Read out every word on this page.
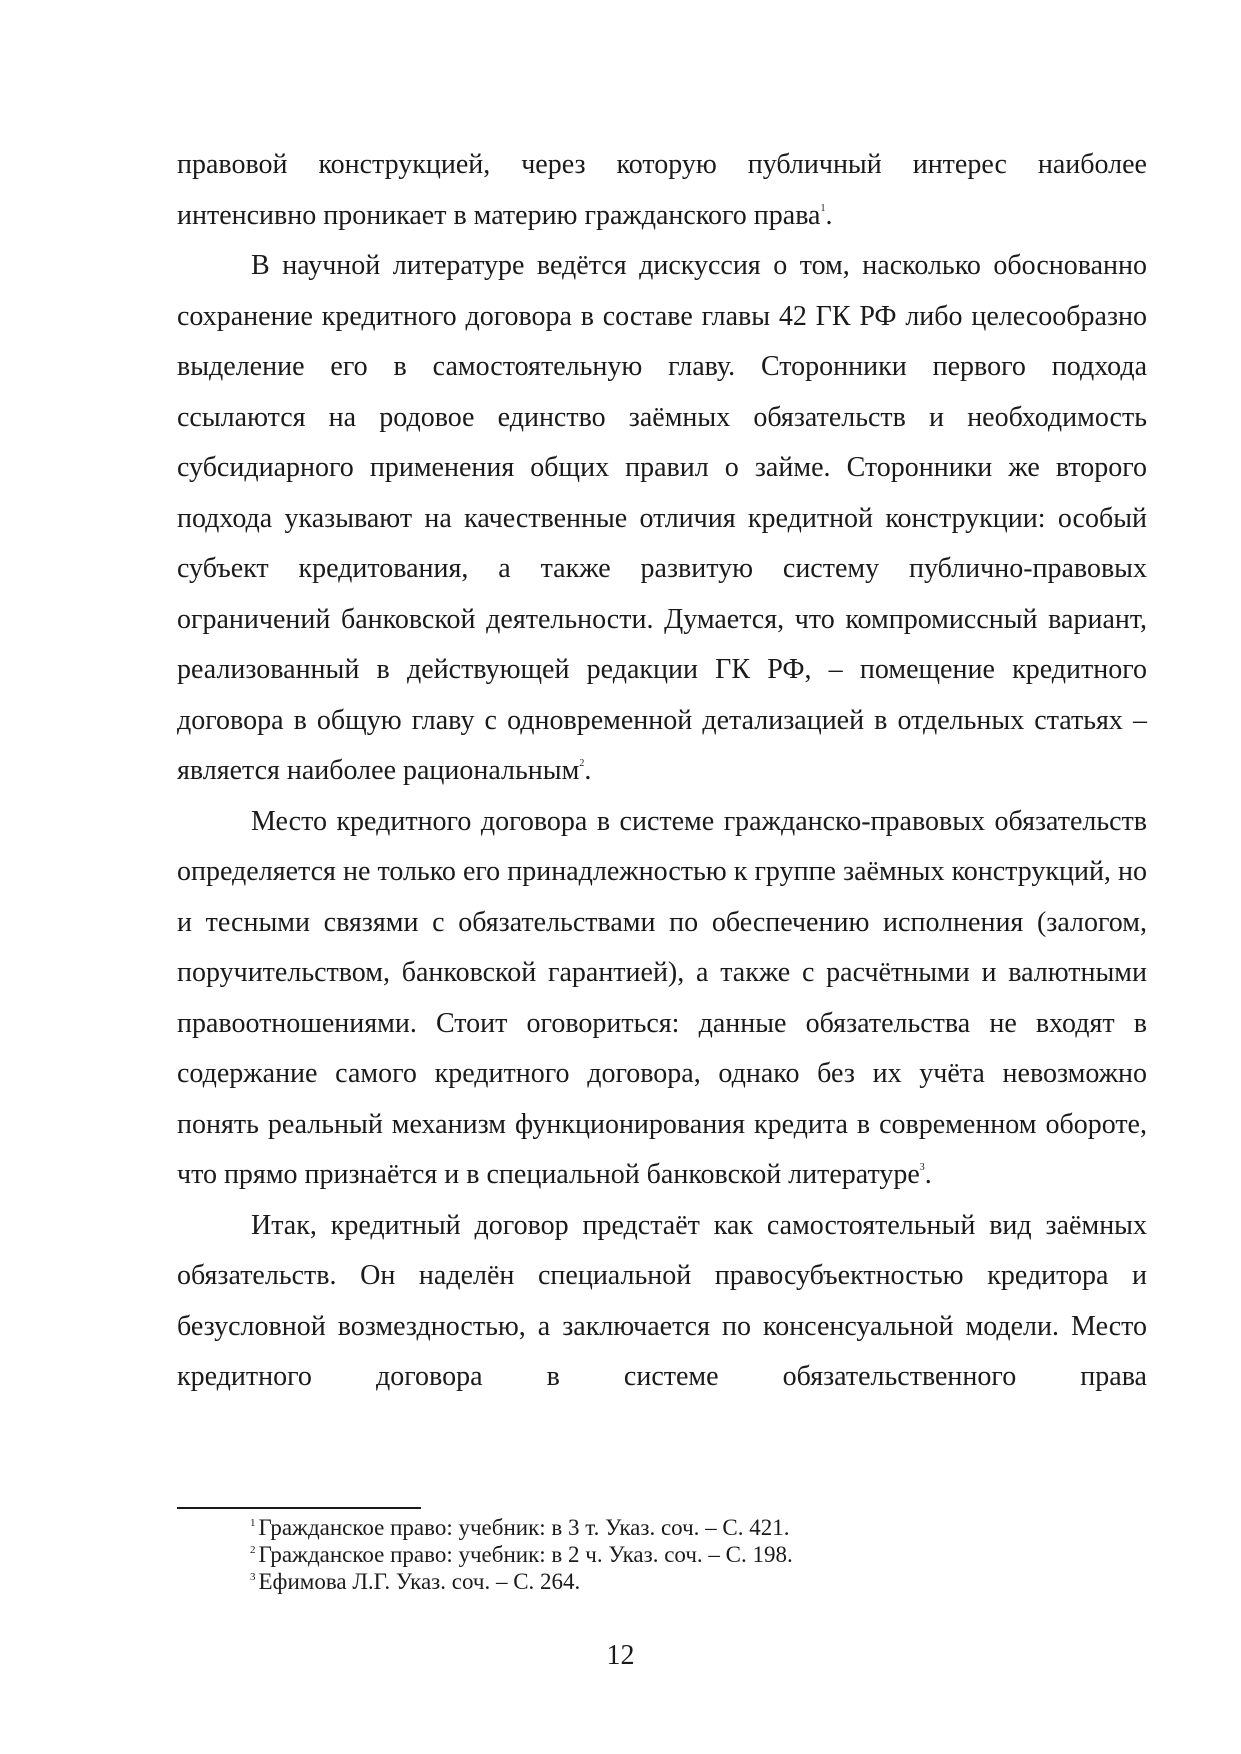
правовой конструкцией, через которую публичный интерес наиболее интенсивно проникает в материю гражданского права$^1$.

В научной литературе ведётся дискуссия о том, насколько обоснованно сохранение кредитного договора в составе главы 42 ГК РФ либо целесообразно выделение его в самостоятельную главу. Сторонники первого подхода ссылаются на родовое единство заёмных обязательств и необходимость субсидиарного применения общих правил о займе. Сторонники же второго подхода указывают на качественные отличия кредитной конструкции: особый субъект кредитования, а также развитую систему публично-правовых ограничений банковской деятельности. Думается, что компромиссный вариант, реализованный в действующей редакции ГК РФ, – помещение кредитного договора в общую главу с одновременной детализацией в отдельных статьях – является наиболее рациональным$^2$.

Место кредитного договора в системе гражданско-правовых обязательств определяется не только его принадлежностью к группе заёмных конструкций, но и тесными связями с обязательствами по обеспечению исполнения (залогом, поручительством, банковской гарантией), а также с расчётными и валютными правоотношениями. Стоит оговориться: данные обязательства не входят в содержание самого кредитного договора, однако без их учёта невозможно понять реальный механизм функционирования кредита в современном обороте, что прямо признаётся и в специальной банковской литературе$^3$.

Итак, кредитный договор предстаёт как самостоятельный вид заёмных обязательств. Он наделён специальной правосубъектностью кредитора и безусловной возмездностью, а заключается по консенсуальной модели. Место кредитного договора в системе обязательственного права

$^1$ Гражданское право: учебник: в 3 т. Указ. соч. – С. 421.

$^2$ Гражданское право: учебник: в 2 ч. Указ. соч. – С. 198.

$^3$ Ефимова Л.Г. Указ. соч. – С. 264.

12
